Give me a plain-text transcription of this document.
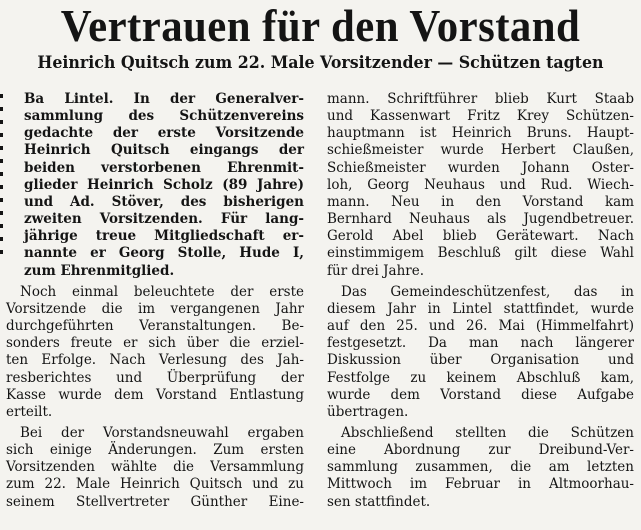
Vertrauen für den Vorstand
Heinrich Quitsch zum 22. Male Vorsitzender — Schützen tagten
Ba Lintel. In der Generalver-
sammlung des Schützenvereins
gedachte der erste Vorsitzende
Heinrich Quitsch eingangs der
beiden verstorbenen Ehrenmit-
glieder Heinrich Scholz (89 Jahre)
und Ad. Stöver, des bisherigen
zweiten Vorsitzenden. Für lang-
jährige treue Mitgliedschaft er-
nannte er Georg Stolle, Hude I,
zum Ehrenmitglied.
Noch einmal beleuchtete der erste
Vorsitzende die im vergangenen Jahr
durchgeführten Veranstaltungen. Be-
sonders freute er sich über die erziel-
ten Erfolge. Nach Verlesung des Jah-
resberichtes und Überprüfung der
Kasse wurde dem Vorstand Entlastung
erteilt.
Bei der Vorstandsneuwahl ergaben
sich einige Änderungen. Zum ersten
Vorsitzenden wählte die Versammlung
zum 22. Male Heinrich Quitsch und zu
seinem Stellvertreter Günther Eine-
mann. Schriftführer blieb Kurt Staab
und Kassenwart Fritz Krey Schützen-
hauptmann ist Heinrich Bruns. Haupt-
schießmeister wurde Herbert Claußen,
Schießmeister wurden Johann Oster-
loh, Georg Neuhaus und Rud. Wiech-
mann. Neu in den Vorstand kam
Bernhard Neuhaus als Jugendbetreuer.
Gerold Abel blieb Gerätewart. Nach
einstimmigem Beschluß gilt diese Wahl
für drei Jahre.
Das Gemeindeschützenfest, das in
diesem Jahr in Lintel stattfindet, wurde
auf den 25. und 26. Mai (Himmelfahrt)
festgesetzt. Da man nach längerer
Diskussion über Organisation und
Festfolge zu keinem Abschluß kam,
wurde dem Vorstand diese Aufgabe
übertragen.
Abschließend stellten die Schützen
eine Abordnung zur Dreibund-Ver-
sammlung zusammen, die am letzten
Mittwoch im Februar in Altmoorhau-
sen stattfindet.
